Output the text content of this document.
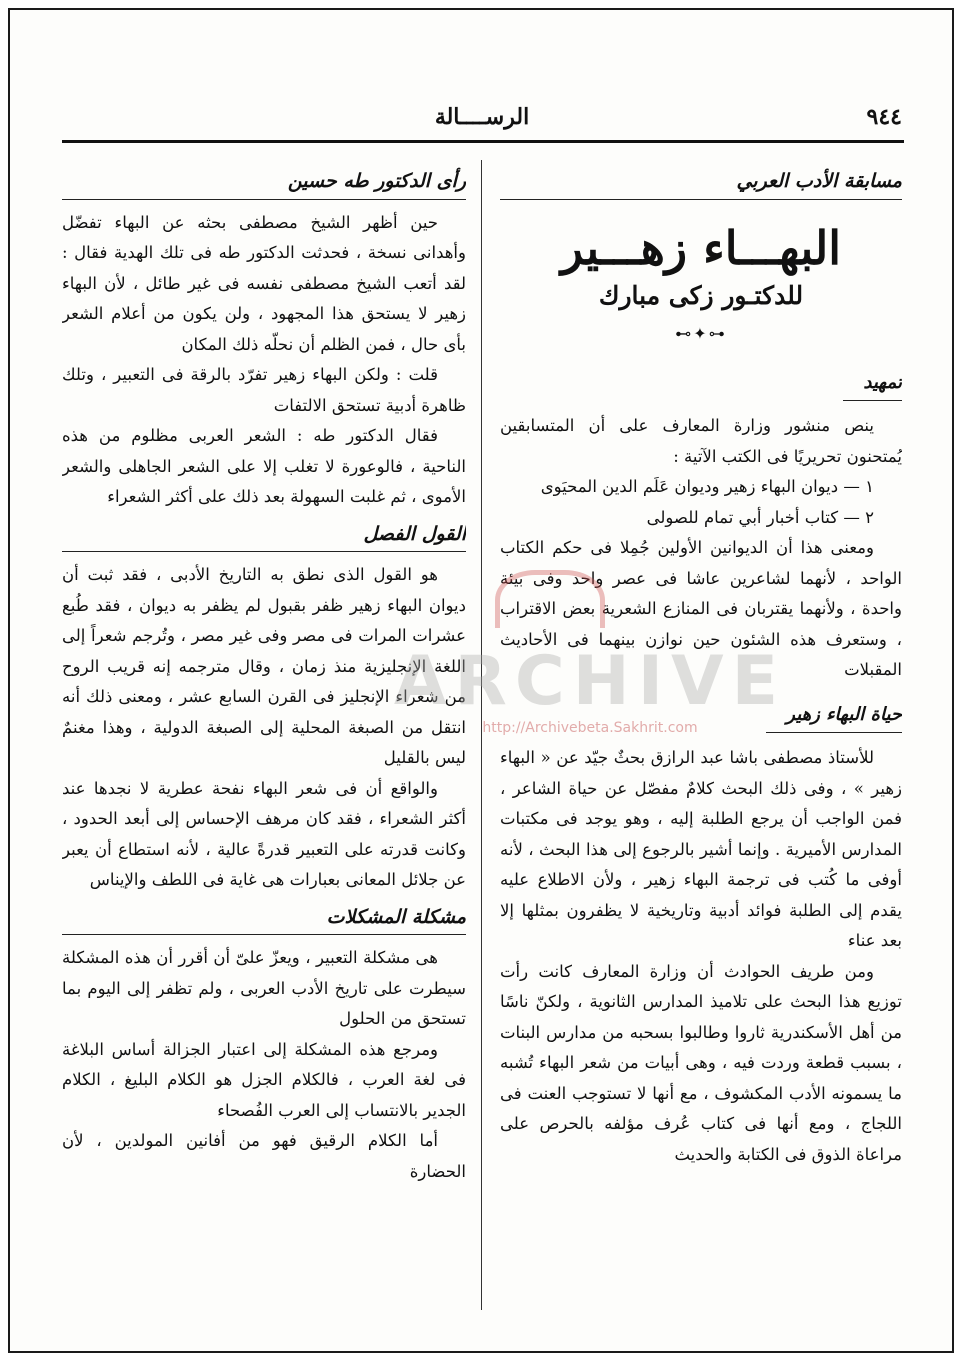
٩٤٤
الرســــالة
مسابقة الأدب العربي
البهـــاء زهـــير
للدكتـور زكى مبارك
⊷✦⊶
تمهيد

ينص منشور وزارة المعارف على أن المتسابقين يُمتحنون تحريريًا فى الكتب الآتية :

١ — ديوان البهاء زهير وديوان عَلَم الدين المحيَوى

٢ — كتاب أخبار أبي تمام للصولى

ومعنى هذا أن الديوانين الأولين جُمِلا فى حكم الكتاب الواحد ، لأنهما لشاعرين عاشا فى عصر واحد وفى بيئة واحدة ، ولأنهما يقتربان فى المنازع الشعرية بعض الاقتراب ، وستعرف هذه الشئون حين نوازن بينهما فى الأحاديث المقبلات

حياة البهاء زهير

للأستاذ مصطفى باشا عبد الرازق بحثٌ جيّد عن « البهاء زهير » ، وفى ذلك البحث كلامٌ مفصّل عن حياة الشاعر ، فمن الواجب أن يرجع الطلبة إليه ، وهو يوجد فى مكتبات المدارس الأميرية . وإنما أشير بالرجوع إلى هذا البحث ، لأنه أوفى ما كُتب فى ترجمة البهاء زهير ، ولأن الاطلاع عليه يقدم إلى الطلبة فوائد أدبية وتاريخية لا يظفرون بمثلها إلا بعد عناء

ومن طريف الحوادث أن وزارة المعارف كانت رأت توزيع هذا البحث على تلاميذ المدارس الثانوية ، ولكنّ ناسًا من أهل الأسكندرية ثاروا وطالبوا بسحبه من مدارس البنات ، بسبب قطعة وردت فيه ، وهى أبيات من شعر البهاء تُشبه ما يسمونه الأدب المكشوف ، مع أنها لا تستوجب العنت فى اللجاج ، ومع أنها فى كتاب عُرف مؤلفه بالحرص على مراعاة الذوق فى الكتابة والحديث

رأى الدكتور طه حسين

حين أظهر الشيخ مصطفى بحثه عن البهاء تفضّل وأهدانى نسخة ، فحدثت الدكتور طه فى تلك الهدية فقال : لقد أتعب الشيخ مصطفى نفسه فى غير طائل ، لأن البهاء زهير لا يستحق هذا المجهود ، ولن يكون من أعلام الشعر بأى حال ، فمن الظلم أن نحلّه ذلك المكان

قلت : ولكن البهاء زهير تفرّد بالرقة فى التعبير ، وتلك ظاهرة أدبية تستحق الالتفات

فقال الدكتور طه : الشعر العربى مظلوم من هذه الناحية ، فالوعورة لا تغلب إلا على الشعر الجاهلى والشعر الأموى ، ثم غلبت السهولة بعد ذلك على أكثر الشعراء

القول الفصل

هو القول الذى نطق به التاريخ الأدبى ، فقد ثبت أن ديوان البهاء زهير ظفر بقبول لم يظفر به ديوان ، فقد طُبع عشرات المرات فى مصر وفى غير مصر ، وتُرجم شعراً إلى اللغة الإنجليزية منذ زمان ، وقال مترجمه إنه قريب الروح من شعراء الإنجليز فى القرن السابع عشر ، ومعنى ذلك أنه انتقل من الصبغة المحلية إلى الصبغة الدولية ، وهذا مغنمٌ ليس بالقليل

والواقع أن فى شعر البهاء نفحة عطرية لا نجدها عند أكثر الشعراء ، فقد كان مرهف الإحساس إلى أبعد الحدود ، وكانت قدرته على التعبير قدرةً عالية ، لأنه استطاع أن يعبر عن جلائل المعانى بعبارات هى غاية فى اللطف والإيناس

مشكلة المشكلات

هى مشكلة التعبير ، ويعزّ علىّ أن أقرر أن هذه المشكلة سيطرت على تاريخ الأدب العربى ، ولم تظفر إلى اليوم بما تستحق من الحلول

ومرجع هذه المشكلة إلى اعتبار الجزالة أساس البلاغة فى لغة العرب ، فالكلام الجزل هو الكلام البليغ ، الكلام الجدير بالانتساب إلى العرب الفُصحاء

أما الكلام الرقيق فهو من أفانين المولدين ، لأن الحضارة

ARCHIVE
http://Archivebeta.Sakhrit.com
